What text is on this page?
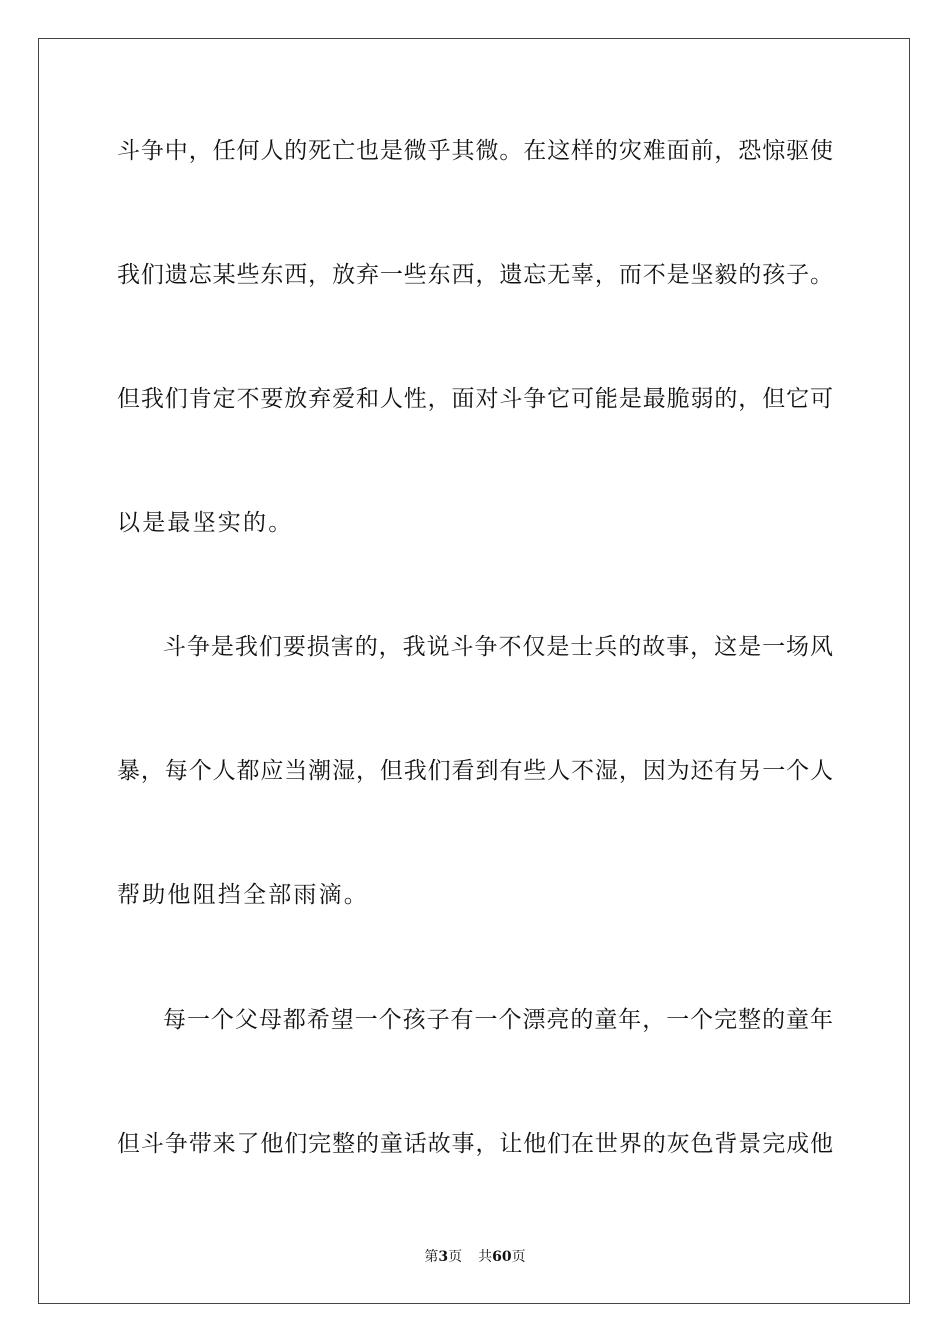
斗争中，任何人的死亡也是微乎其微。在这样的灾难面前，恐惊驱使
我们遗忘某些东西，放弃一些东西，遗忘无辜，而不是坚毅的孩子。
但我们肯定不要放弃爱和人性，面对斗争它可能是最脆弱的，但它可
以是最坚实的。
斗争是我们要损害的，我说斗争不仅是士兵的故事，这是一场风
暴，每个人都应当潮湿，但我们看到有些人不湿，因为还有另一个人
帮助他阻挡全部雨滴。
每一个父母都希望一个孩子有一个漂亮的童年，一个完整的童年
但斗争带来了他们完整的童话故事，让他们在世界的灰色背景完成他
第3页 共60页
